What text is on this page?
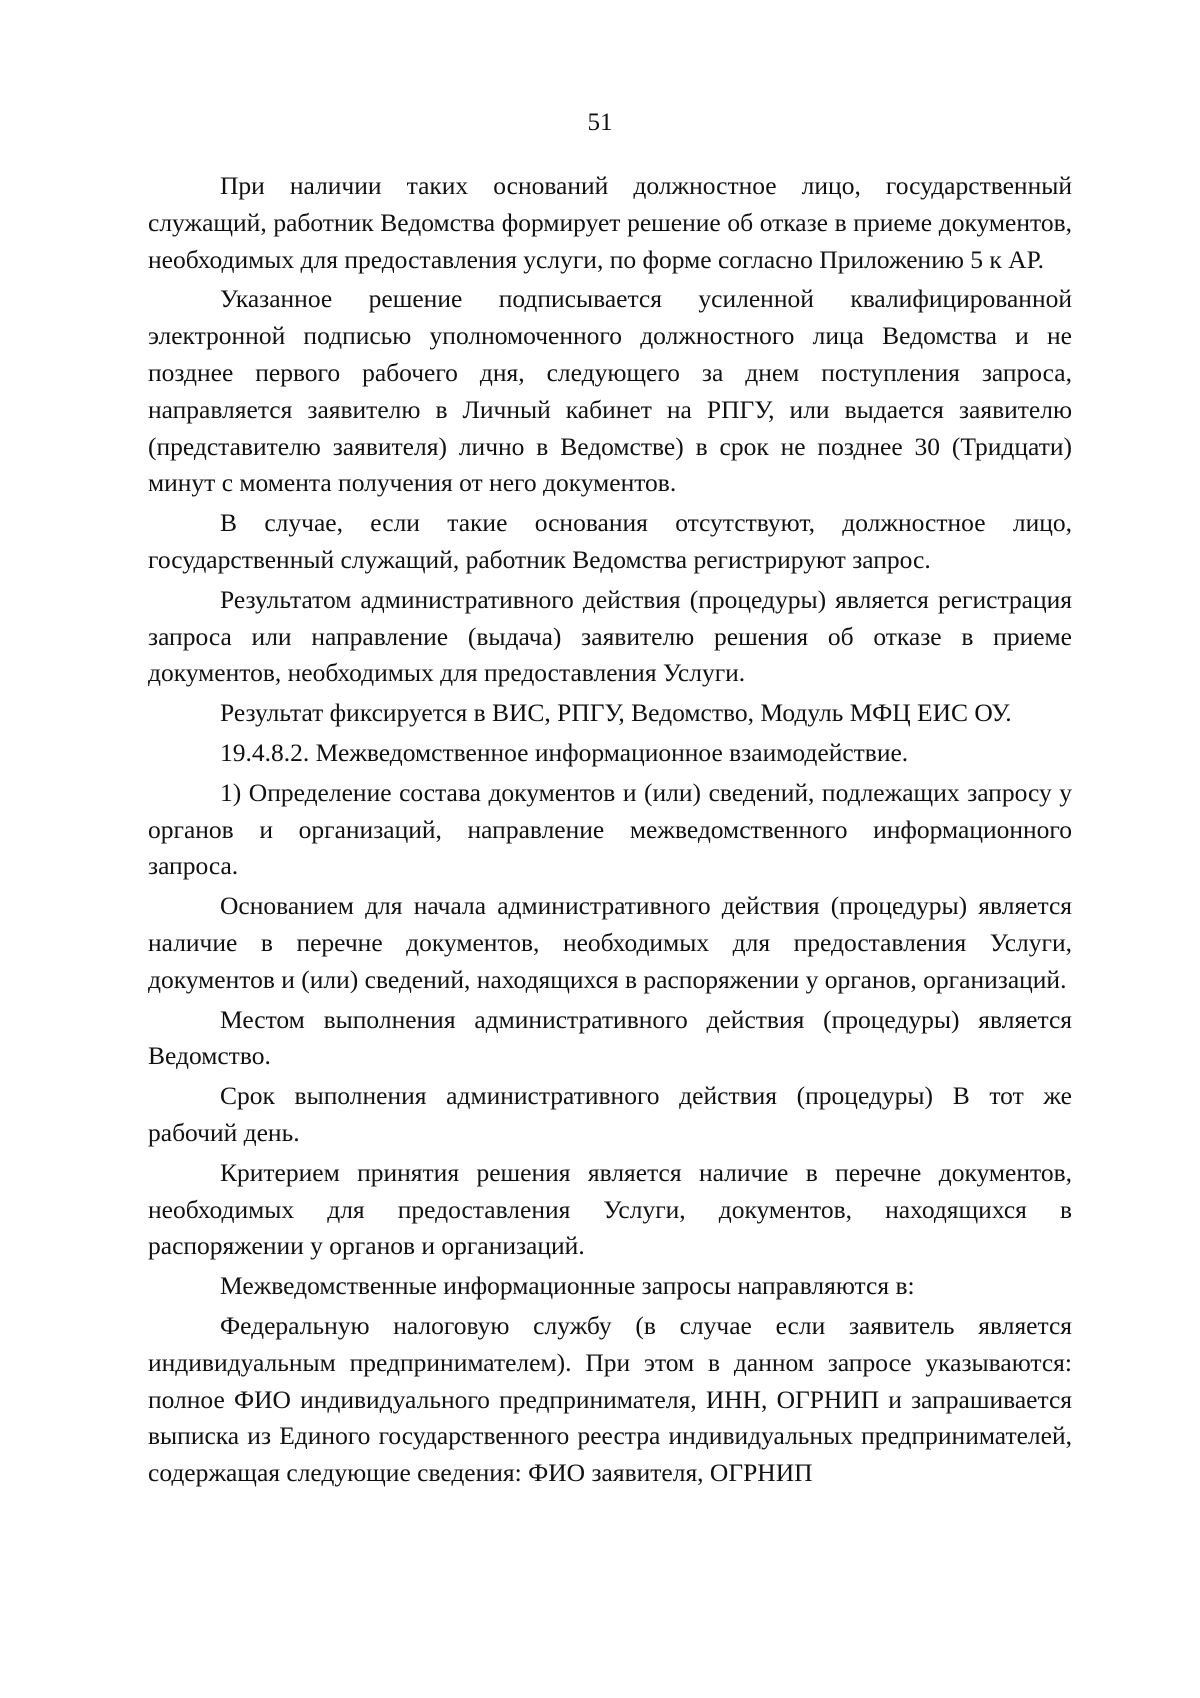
51

При наличии таких оснований должностное лицо, государственный служащий, работник Ведомства формирует решение об отказе в приеме документов, необходимых для предоставления услуги, по форме согласно Приложению 5 к АР.

Указанное решение подписывается усиленной квалифицированной электронной подписью уполномоченного должностного лица Ведомства и не позднее первого рабочего дня, следующего за днем поступления запроса, направляется заявителю в Личный кабинет на РПГУ, или выдается заявителю (представителю заявителя) лично в Ведомстве) в срок не позднее 30 (Тридцати) минут с момента получения от него документов.

В случае, если такие основания отсутствуют, должностное лицо, государственный служащий, работник Ведомства регистрируют запрос.

Результатом административного действия (процедуры) является регистрация запроса или направление (выдача) заявителю решения об отказе в приеме документов, необходимых для предоставления Услуги.

Результат фиксируется в ВИС, РПГУ, Ведомство, Модуль МФЦ ЕИС ОУ.

19.4.8.2. Межведомственное информационное взаимодействие.

1) Определение состава документов и (или) сведений, подлежащих запросу у органов и организаций, направление межведомственного информационного запроса.

Основанием для начала административного действия (процедуры) является наличие в перечне документов, необходимых для предоставления Услуги, документов и (или) сведений, находящихся в распоряжении у органов, организаций.

Местом выполнения административного действия (процедуры) является Ведомство.

Срок выполнения административного действия (процедуры) В тот же рабочий день.

Критерием принятия решения является наличие в перечне документов, необходимых для предоставления Услуги, документов, находящихся в распоряжении у органов и организаций.

Межведомственные информационные запросы направляются в:

Федеральную налоговую службу (в случае если заявитель является индивидуальным предпринимателем). При этом в данном запросе указываются: полное ФИО индивидуального предпринимателя, ИНН, ОГРНИП и запрашивается выписка из Единого государственного реестра индивидуальных предпринимателей, содержащая следующие сведения: ФИО заявителя, ОГРНИП
